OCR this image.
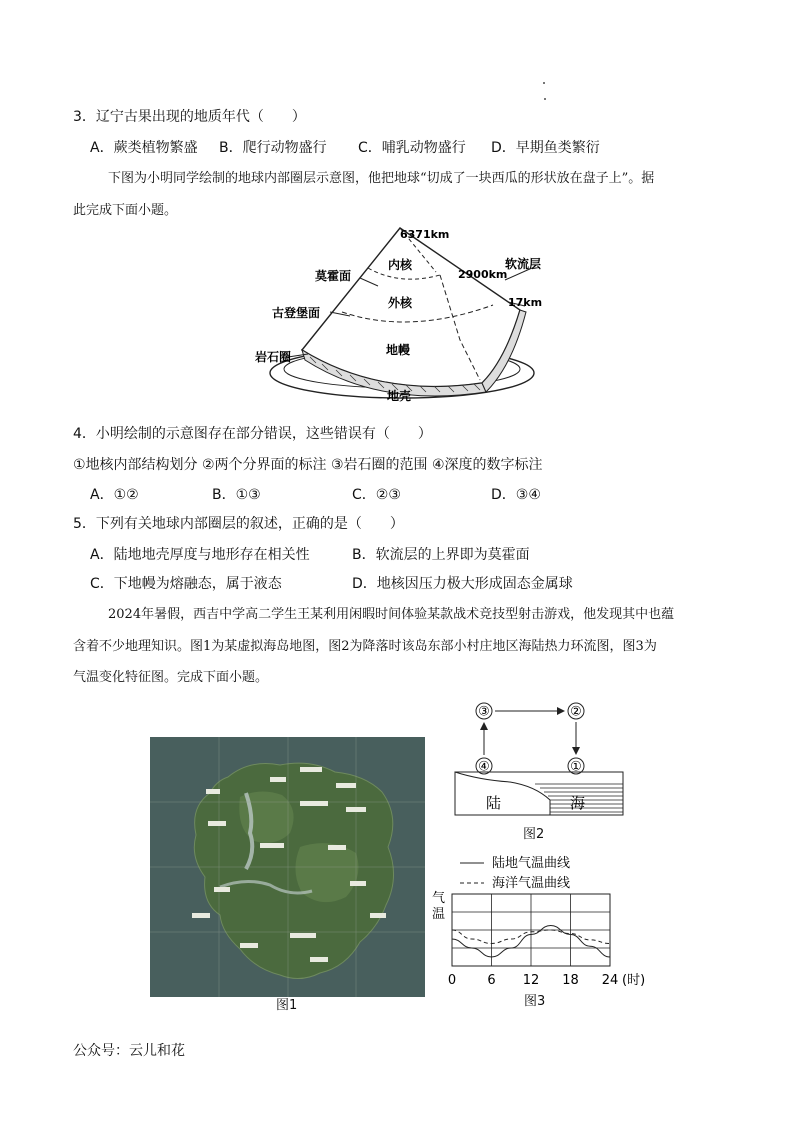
3．辽宁古果出现的地质年代（　　）
A．蕨类植物繁盛 B．爬行动物盛行 C．哺乳动物盛行 D．早期鱼类繁衍
下图为小明同学绘制的地球内部圈层示意图，他把地球“切成了一块西瓜的形状放在盘子上”。据
此完成下面小题。
6371km
内核
2900km
外核
地幔
地壳
莫霍面
古登堡面
岩石圈
软流层
17km
4．小明绘制的示意图存在部分错误，这些错误有（　　）
①地核内部结构划分 ②两个分界面的标注 ③岩石圈的范围 ④深度的数字标注
A．①②	B．①③	C．②③	D．③④
5．下列有关地球内部圈层的叙述，正确的是（　　）
A．陆地地壳厚度与地形存在相关性	B．软流层的上界即为莫霍面
C．下地幔为熔融态，属于液态	D．地核因压力极大形成固态金属球
2024年暑假，西吉中学高二学生王某利用闲暇时间体验某款战术竞技型射击游戏，他发现其中也蕴
含着不少地理知识。图1为某虚拟海岛地图，图2为降落时该岛东部小村庄地区海陆热力环流图，图3为
气温变化特征图。完成下面小题。
图1
③	②
①
④
陆	海
图2
陆地气温曲线
海洋气温曲线
气
温
0 6 12 18 24 (时)
图3
公众号：云儿和花
